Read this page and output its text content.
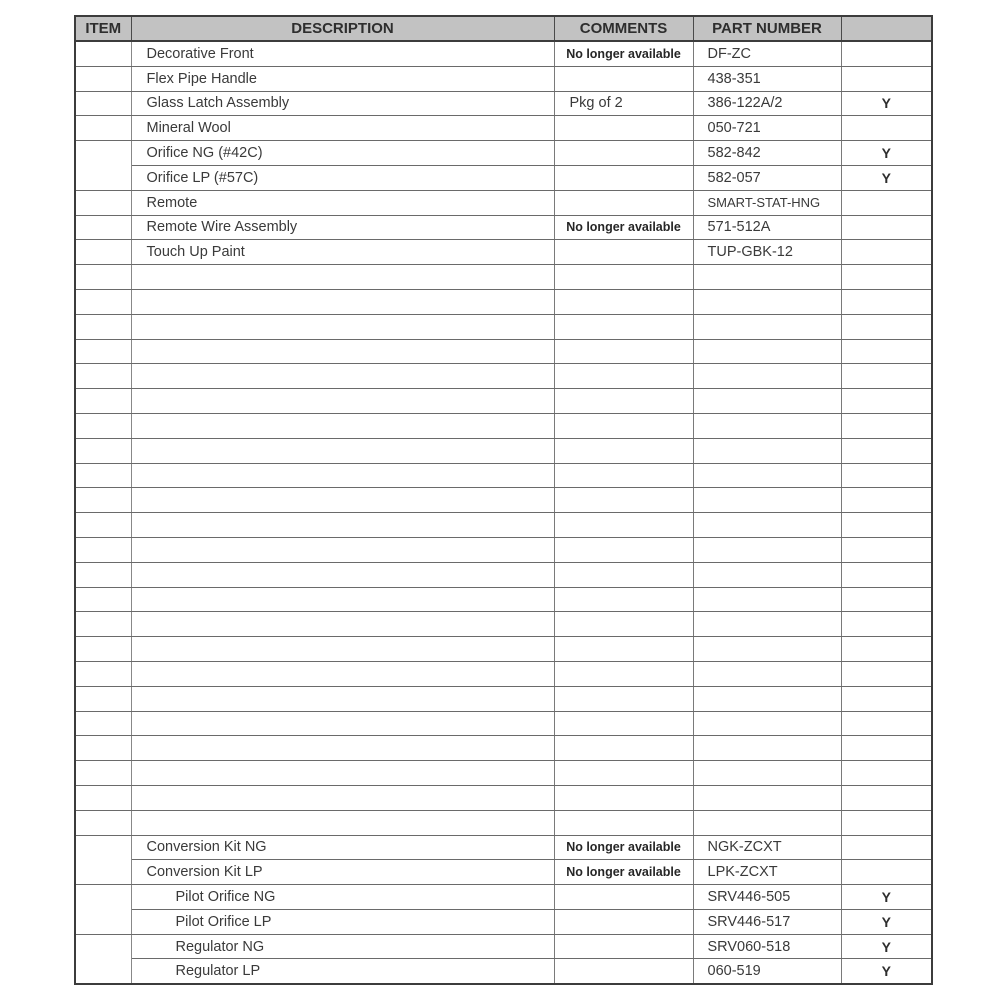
ITEM	DESCRIPTION	COMMENTS	PART NUMBER	
	Decorative Front	No longer available	DF-ZC	
	Flex Pipe Handle		438-351	
	Glass Latch Assembly	Pkg of 2	386-122A/2	Y
	Mineral Wool		050-721	
	Orifice NG (#42C)		582-842	Y
	Orifice LP (#57C)		582-057	Y
	Remote		SMART-STAT-HNG	
	Remote Wire Assembly	No longer available	571-512A	
	Touch Up Paint		TUP-GBK-12	

	Conversion Kit NG	No longer available	NGK-ZCXT	
	Conversion Kit LP	No longer available	LPK-ZCXT	
	Pilot Orifice NG		SRV446-505	Y
	Pilot Orifice LP		SRV446-517	Y
	Regulator NG		SRV060-518	Y
	Regulator LP		060-519	Y
